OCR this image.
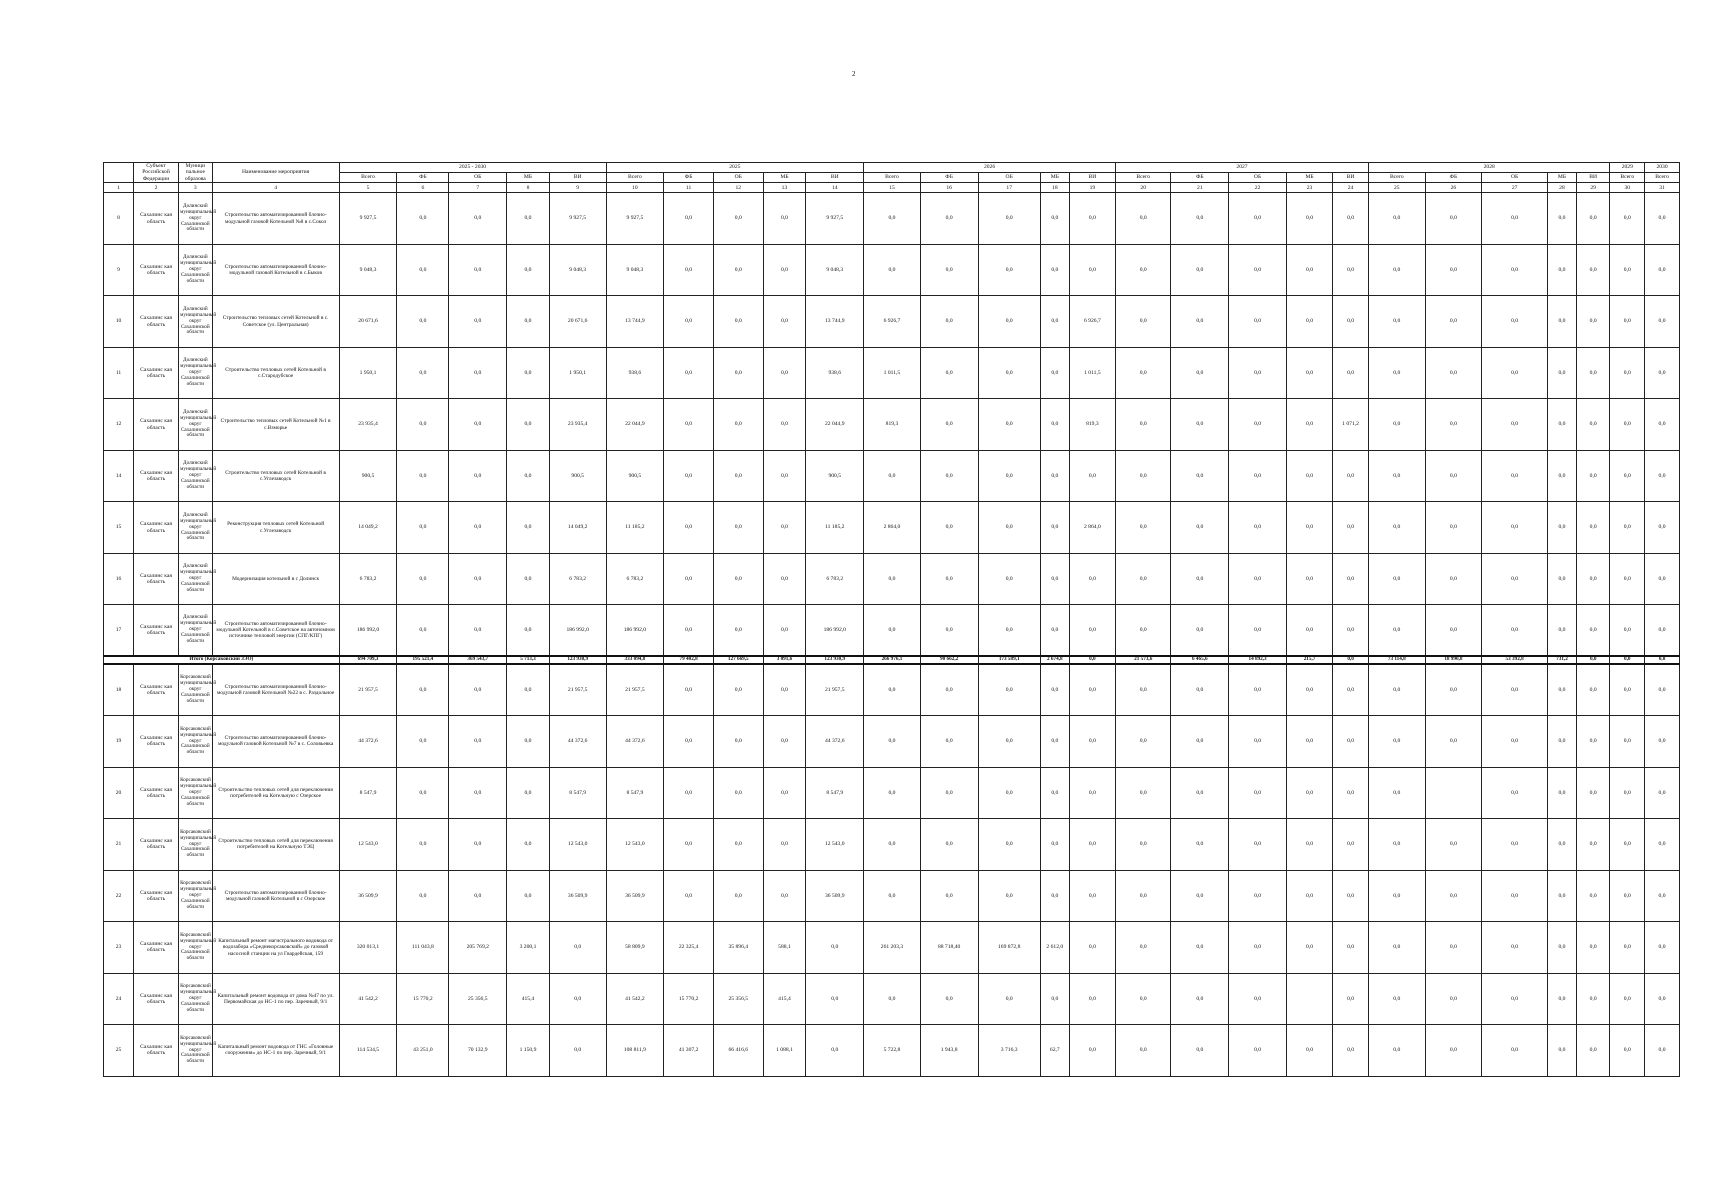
2
	Субъект Российской Федерации	Муници пальное образова	Наименование мероприятия	2025 - 2030					2025					2026					2027					2028					2029	2030
				Всего	ФБ	ОБ	МБ	ВИ	Всего	ФБ	ОБ	МБ	ВИ	Всего	ФБ	ОБ	МБ	ВИ	Всего	ФБ	ОБ	МБ	ВИ	Всего	ФБ	ОБ	МБ	ВИ	Всего	Всего
1	2	3	4	5	6	7	8	9	10	11	12	13	14	15	16	17	18	19	20	21	22	23	24	25	26	27	28	29	30	31
8	Сахалинс кая область	Долинский муниципальный округ Сахалинской области	Строительство автоматизированной блочно-модульной газовой Котельной №8 в с.Сокол	9 927,5	0,0	0,0	0,0	9 927,5	9 927,5	0,0	0,0	0,0	9 927,5	0,0	0,0	0,0	0,0	0,0	0,0	0,0	0,0	0,0	0,0	0,0	0,0	0,0	0,0	0,0	0,0	0,0
9	Сахалинс кая область	Долинский муниципальный округ Сахалинской области	Строительство автоматизированной блочно-модульной газовой Котельной в с.Быков	9 048,3	0,0	0,0	0,0	9 048,3	9 048,3	0,0	0,0	0,0	9 048,3	0,0	0,0	0,0	0,0	0,0	0,0	0,0	0,0	0,0	0,0	0,0	0,0	0,0	0,0	0,0	0,0	0,0
10	Сахалинс кая область	Долинский муниципальный округ Сахалинской области	Строительство тепловых сетей Котельной в с. Советское (ул. Центральная)	20 671,6	0,0	0,0	0,0	20 671,6	13 744,9	0,0	0,0	0,0	13 744,9	6 926,7	0,0	0,0	0,0	6 926,7	0,0	0,0	0,0	0,0	0,0	0,0	0,0	0,0	0,0	0,0	0,0	0,0
11	Сахалинс кая область	Долинский муниципальный округ Сахалинской области	Строительство тепловых сетей Котельной в с.Стародубское	1 950,1	0,0	0,0	0,0	1 950,1	938,6	0,0	0,0	0,0	938,6	1 011,5	0,0	0,0	0,0	1 011,5	0,0	0,0	0,0	0,0	0,0	0,0	0,0	0,0	0,0	0,0	0,0	0,0
12	Сахалинс кая область	Долинский муниципальный округ Сахалинской области	Строительство тепловых сетей Котельной №1 в с.Взморье	23 935,4	0,0	0,0	0,0	23 935,4	22 044,9	0,0	0,0	0,0	22 044,9	819,3	0,0	0,0	0,0	819,3	0,0	0,0	0,0	0,0	1 071,2	0,0	0,0	0,0	0,0	0,0	0,0	0,0
14	Сахалинс кая область	Долинский муниципальный округ Сахалинской области	Строительство тепловых сетей Котельной в с.Углезаводск	900,5	0,0	0,0	0,0	900,5	900,5	0,0	0,0	0,0	900,5	0,0	0,0	0,0	0,0	0,0	0,0	0,0	0,0	0,0	0,0	0,0	0,0	0,0	0,0	0,0	0,0	0,0
15	Сахалинс кая область	Долинский муниципальный округ Сахалинской области	Реконструкция тепловых сетей Котельной с.Углезаводск	14 049,2	0,0	0,0	0,0	14 049,2	11 185,2	0,0	0,0	0,0	11 185,2	2 864,0	0,0	0,0	0,0	2 864,0	0,0	0,0	0,0	0,0	0,0	0,0	0,0	0,0	0,0	0,0	0,0	0,0
16	Сахалинс кая область	Долинский муниципальный округ Сахалинской области	Модернизация котельной в с Долинск	6 783,2	0,0	0,0	0,0	6 783,2	6 783,2	0,0	0,0	0,0	6 783,2	0,0	0,0	0,0	0,0	0,0	0,0	0,0	0,0	0,0	0,0	0,0	0,0	0,0	0,0	0,0	0,0	0,0
17	Сахалинс кая область	Долинский муниципальный округ Сахалинской области	Строительство автоматизированной блочно-модульной Котельной в с.Советское на автономном источнике тепловой энергии (СПГ/КПГ)	186 992,0	0,0	0,0	0,0	186 992,0	186 992,0	0,0	0,0	0,0	186 992,0	0,0	0,0	0,0	0,0	0,0	0,0	0,0	0,0	0,0	0,0	0,0	0,0	0,0	0,0	0,0	0,0	0,0
Итого (Корсаковский ЗЭО)				694 709,3	195 521,4	369 543,7	5 713,3	123 930,9	333 094,8	79 402,8	127 669,5	3 091,6	123 930,9	266 976,1	90 662,2	173 589,1	2 674,8	0,0	21 573,6	6 465,6	14 892,3	215,7	0,0	73 114,8	18 990,8	53 392,8	731,2	0,0	0,0	0,0
18	Сахалинс кая область	Корсаковский муниципальный округ Сахалинской области	Строительство автоматизированной блочно-модульной газовой Котельной №22 в с. Раздольное	21 957,5	0,0	0,0	0,0	21 957,5	21 957,5	0,0	0,0	0,0	21 957,5	0,0	0,0	0,0	0,0	0,0	0,0	0,0	0,0	0,0	0,0	0,0	0,0	0,0	0,0	0,0	0,0	0,0
19	Сахалинс кая область	Корсаковский муниципальный округ Сахалинской области	Строительство автоматизированной блочно-модульной газовой Котельной №7 в с. Соловьевка	44 372,6	0,0	0,0	0,0	44 372,6	44 372,6	0,0	0,0	0,0	44 372,6	0,0	0,0	0,0	0,0	0,0	0,0	0,0	0,0	0,0	0,0	0,0	0,0	0,0	0,0	0,0	0,0	0,0
20	Сахалинс кая область	Корсаковский муниципальный округ Сахалинской области	Строительство тепловых сетей для переключения потребителей на Котельную с Озерское	8 547,9	0,0	0,0	0,0	8 547,9	8 547,9	0,0	0,0	0,0	8 547,9	0,0	0,0	0,0	0,0	0,0	0,0	0,0	0,0	0,0	0,0	0,0		0,0	0,0	0,0	0,0	0,0
21	Сахалинс кая область	Корсаковский муниципальный округ Сахалинской области	Строительство тепловых сетей для переключения потребителей на Котельную ТЭЦ	12 543,0	0,0	0,0	0,0	12 543,0	12 543,0	0,0	0,0	0,0	12 543,0	0,0	0,0	0,0	0,0	0,0	0,0	0,0	0,0	0,0	0,0	0,0	0,0	0,0	0,0	0,0	0,0	0,0
22	Сахалинс кая область	Корсаковский муниципальный округ Сахалинской области	Строительство автоматизированной блочно-модульной газовой Котельной в с Озерское	36 509,9	0,0	0,0	0,0	36 509,9	36 509,9	0,0	0,0	0,0	36 509,9	0,0	0,0	0,0	0,0	0,0	0,0	0,0	0,0	0,0	0,0	0,0	0,0	0,0	0,0	0,0	0,0	0,0
23	Сахалинс кая область	Корсаковский муниципальный округ Сахалинской области	Капитальный ремонт магистрального водовода от водозабора «Среднекорсаковский» до газовой насосной станции на ул Гвардейская, 159	320 013,1	111 043,8	205 769,2	3 200,1	0,0	58 809,9	22 325,4	35 896,4	588,1	0,0	261 203,3	88 718,40	169 872,8	2 612,0	0,0	0,0	0,0	0,0	0,0	0,0	0,0	0,0	0,0	0,0	0,0	0,0	0,0
24	Сахалинс кая область	Корсаковский муниципальный округ Сахалинской области	Капитальный ремонт водовода от дома №47 по ул. Первомайская до НС-1 по пер. Заречный, 9/1	41 542,2	15 770,2	25 356,5	415,4	0,0	41 542,2	15 770,2	25 356,5	415,4	0,0	0,0	0,0	0,0	0,0	0,0	0,0	0,0	0,0		0,0	0,0	0,0	0,0	0,0	0,0	0,0	0,0
25	Сахалинс кая область	Корсаковский муниципальный округ Сахалинской области	Капитальный ремонт водовода от ГНС «Головные сооружения» до НС-1 по пер. Заречный, 9/1	114 534,5	43 251,0	70 132,9	1 150,9	0,0	108 811,9	41 307,2	66 416,6	1 088,1	0,0	5 722,8	1 943,8	3 716,3	62,7	0,0	0,0	0,0	0,0	0,0	0,0	0,0	0,0	0,0	0,0	0,0	0,0	0,0
